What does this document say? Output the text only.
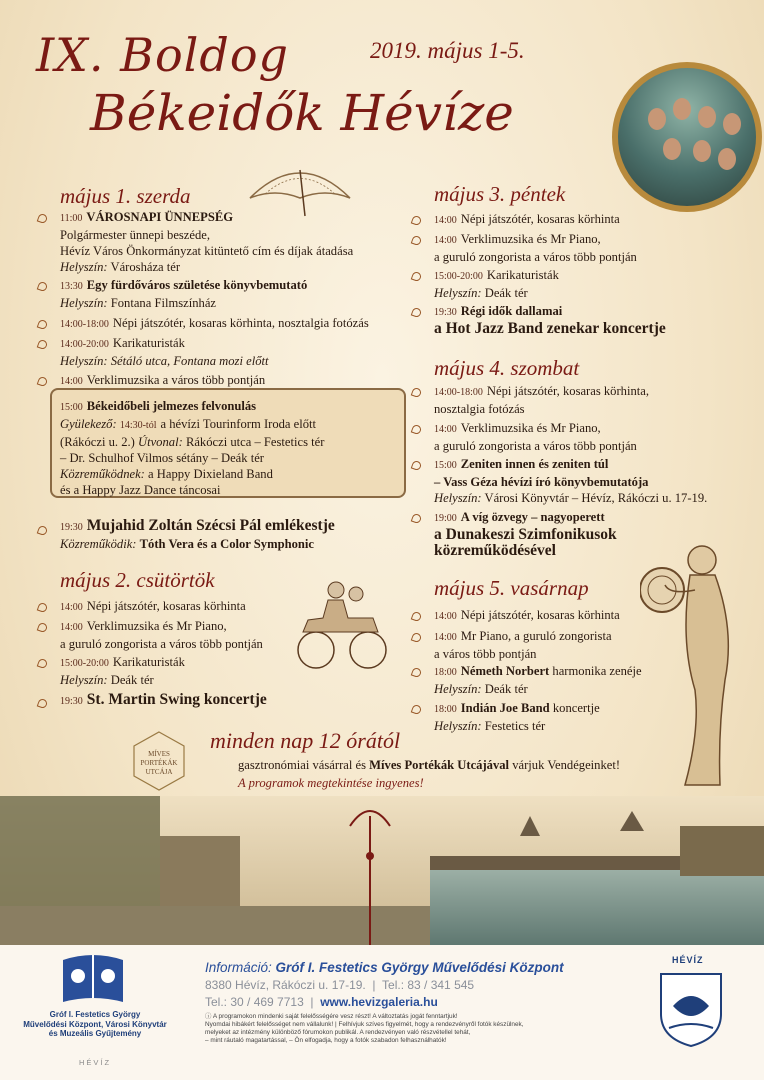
IX. Boldog
Békeidők Hévíze
2019. május 1-5.
május 1. szerda
11:00 VÁROSNAPI ÜNNEPSÉG
Polgármester ünnepi beszéde,
Hévíz Város Önkormányzat kitüntető cím és díjak átadása
Helyszín: Városháza tér
13:30 Egy fürdőváros születése könyvbemutató
Helyszín: Fontana Filmszínház
14:00-18:00 Népi játszótér, kosaras körhinta, nosztalgia fotózás
14:00-20:00 Karikaturisták
Helyszín: Sétáló utca, Fontana mozi előtt
14:00 Verklimuzsika a város több pontján
15:00 Békeidőbeli jelmezes felvonulás
Gyülekező: 14:30-tól a hévízi Tourinform Iroda előtt
(Rákóczi u. 2.) Útvonal: Rákóczi utca – Festetics tér
– Dr. Schulhof Vilmos sétány – Deák tér
Közreműködnek: a Happy Dixieland Band
és a Happy Jazz Dance táncosai
19:30 Mujahid Zoltán Szécsi Pál emlékestje
Közreműködik: Tóth Vera és a Color Symphonic
május 2. csütörtök
14:00 Népi játszótér, kosaras körhinta
14:00 Verklimuzsika és Mr Piano,
a guruló zongorista a város több pontján
15:00-20:00 Karikaturisták
Helyszín: Deák tér
19:30 St. Martin Swing koncertje
május 3. péntek
14:00 Népi játszótér, kosaras körhinta
14:00 Verklimuzsika és Mr Piano,
a guruló zongorista a város több pontján
15:00-20:00 Karikaturisták
Helyszín: Deák tér
19:30 Régi idők dallamai
a Hot Jazz Band zenekar koncertje
május 4. szombat
14:00-18:00 Népi játszótér, kosaras körhinta,
nosztalgia fotózás
14:00 Verklimuzsika és Mr Piano,
a guruló zongorista a város több pontján
15:00 Zeniten innen és zeniten túl
– Vass Géza hévízi író könyvbemutatója
Helyszín: Városi Könyvtár – Hévíz, Rákóczi u. 17-19.
19:00 A víg özvegy – nagyoperett
a Dunakeszi Szimfonikusok
közreműködésével
május 5. vasárnap
14:00 Népi játszótér, kosaras körhinta
14:00 Mr Piano, a guruló zongorista
a város több pontján
18:00 Németh Norbert harmonika zenéje
Helyszín: Deák tér
18:00 Indián Joe Band koncertje
Helyszín: Festetics tér
MÍVES
PORTÉKÁK
UTCÁJA
minden nap 12 órától
gasztronómiai vásárral és Míves Portékák Utcájával várjuk Vendégeinket!
A programok megtekintése ingyenes!
Gróf I. Festetics György
Művelődési Központ, Városi Könyvtár
és Muzeális Gyűjtemény
HÉVÍZ
Információ: Gróf I. Festetics György Művelődési Központ
8380 Hévíz, Rákóczi u. 17-19.  |  Tel.: 83 / 341 545
Tel.: 30 / 469 7713  |  www.hevizgaleria.hu
ⓘ A programokon mindenki saját felelősségére vesz részt! A változtatás jogát fenntartjuk!
Nyomdai hibákért felelősséget nem vállalunk! | Felhívjuk szíves figyelmét, hogy a rendezvényről fotók készülnek,
melyeket az intézmény különböző fórumokon publikál. A rendezvényen való részvétellel tehát,
– mint ráutaló magatartással, – Ön elfogadja, hogy a fotók szabadon felhasználhatók!
HÉVÍZ
